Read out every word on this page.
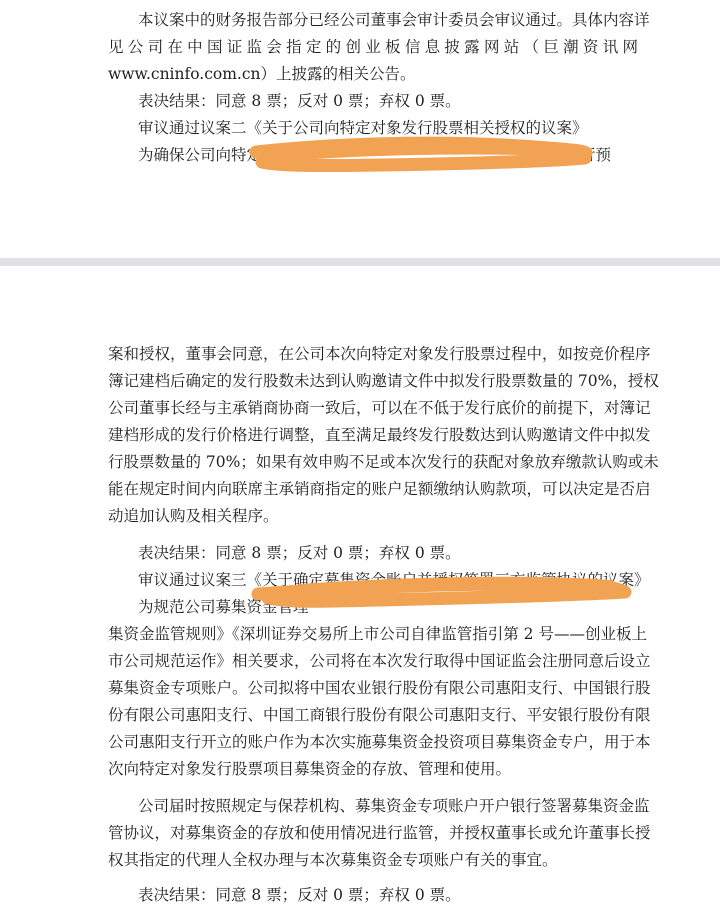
本议案中的财务报告部分已经公司董事会审计委员会审议通过。具体内容详

见公司在中国证监会指定的创业板信息披露网站（巨潮资讯网

www.cninfo.com.cn）上披露的相关公告。

表决结果：同意 8 票；反对 0 票；弃权 0 票。

审议通过议案二《关于公司向特定对象发行股票相关授权的议案》

为确保公司向特定	行预

案和授权，董事会同意，在公司本次向特定对象发行股票过程中，如按竞价程序

簿记建档后确定的发行股数未达到认购邀请文件中拟发行股票数量的 70%，授权

公司董事长经与主承销商协商一致后，可以在不低于发行底价的前提下，对簿记

建档形成的发行价格进行调整，直至满足最终发行股数达到认购邀请文件中拟发

行股票数量的 70%；如果有效申购不足或本次发行的获配对象放弃缴款认购或未

能在规定时间内向联席主承销商指定的账户足额缴纳认购款项，可以决定是否启

动追加认购及相关程序。

表决结果：同意 8 票；反对 0 票；弃权 0 票。

审议通过议案三《关于确定募集资金账户并授权签署三方监管协议的议案》

为规范公司募集资金管理

集资金监管规则》《深圳证券交易所上市公司自律监管指引第 2 号——创业板上

市公司规范运作》相关要求，公司将在本次发行取得中国证监会注册同意后设立

募集资金专项账户。公司拟将中国农业银行股份有限公司惠阳支行、中国银行股

份有限公司惠阳支行、中国工商银行股份有限公司惠阳支行、平安银行股份有限

公司惠阳支行开立的账户作为本次实施募集资金投资项目募集资金专户，用于本

次向特定对象发行股票项目募集资金的存放、管理和使用。

公司届时按照规定与保荐机构、募集资金专项账户开户银行签署募集资金监

管协议，对募集资金的存放和使用情况进行监管，并授权董事长或允许董事长授

权其指定的代理人全权办理与本次募集资金专项账户有关的事宜。

表决结果：同意 8 票；反对 0 票；弃权 0 票。
